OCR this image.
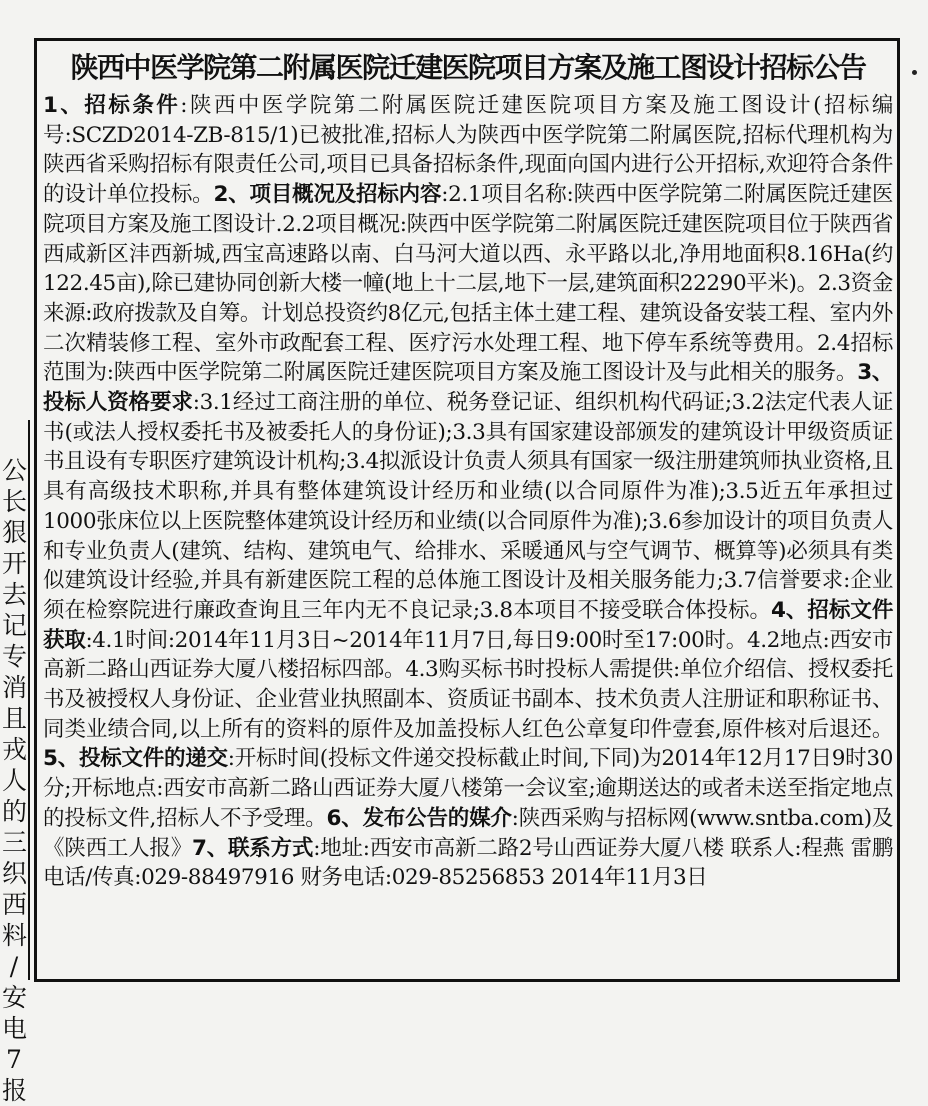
公
长
狠
开
去
记
专
消
且
戎
人
的
三
织
西
料
/
安
电
7
报
陕西中医学院第二附属医院迁建医院项目方案及施工图设计招标公告

1、招标条件:陕西中医学院第二附属医院迁建医院项目方案及施工图设计(招标编号:SCZD2014-ZB-815/1)已被批准,招标人为陕西中医学院第二附属医院,招标代理机构为陕西省采购招标有限责任公司,项目已具备招标条件,现面向国内进行公开招标,欢迎符合条件的设计单位投标。2、项目概况及招标内容:2.1项目名称:陕西中医学院第二附属医院迁建医院项目方案及施工图设计.2.2项目概况:陕西中医学院第二附属医院迁建医院项目位于陕西省西咸新区沣西新城,西宝高速路以南、白马河大道以西、永平路以北,净用地面积8.16Ha(约122.45亩),除已建协同创新大楼一幢(地上十二层,地下一层,建筑面积22290平米)。2.3资金来源:政府拨款及自筹。计划总投资约8亿元,包括主体土建工程、建筑设备安装工程、室内外二次精装修工程、室外市政配套工程、医疗污水处理工程、地下停车系统等费用。2.4招标范围为:陕西中医学院第二附属医院迁建医院项目方案及施工图设计及与此相关的服务。3、投标人资格要求:3.1经过工商注册的单位、税务登记证、组织机构代码证;3.2法定代表人证书(或法人授权委托书及被委托人的身份证);3.3具有国家建设部颁发的建筑设计甲级资质证书且设有专职医疗建筑设计机构;3.4拟派设计负责人须具有国家一级注册建筑师执业资格,且具有高级技术职称,并具有整体建筑设计经历和业绩(以合同原件为准);3.5近五年承担过1000张床位以上医院整体建筑设计经历和业绩(以合同原件为准);3.6参加设计的项目负责人和专业负责人(建筑、结构、建筑电气、给排水、采暖通风与空气调节、概算等)必须具有类似建筑设计经验,并具有新建医院工程的总体施工图设计及相关服务能力;3.7信誉要求:企业须在检察院进行廉政查询且三年内无不良记录;3.8本项目不接受联合体投标。4、招标文件获取:4.1时间:2014年11月3日~2014年11月7日,每日9:00时至17:00时。4.2地点:西安市高新二路山西证券大厦八楼招标四部。4.3购买标书时投标人需提供:单位介绍信、授权委托书及被授权人身份证、企业营业执照副本、资质证书副本、技术负责人注册证和职称证书、同类业绩合同,以上所有的资料的原件及加盖投标人红色公章复印件壹套,原件核对后退还。5、投标文件的递交:开标时间(投标文件递交投标截止时间,下同)为2014年12月17日9时30分;开标地点:西安市高新二路山西证券大厦八楼第一会议室;逾期送达的或者未送至指定地点的投标文件,招标人不予受理。6、发布公告的媒介:陕西采购与招标网(www.sntba.com)及《陕西工人报》7、联系方式:地址:西安市高新二路2号山西证券大厦八楼 联系人:程燕 雷鹏 电话/传真:029-88497916 财务电话:029-85256853 2014年11月3日
